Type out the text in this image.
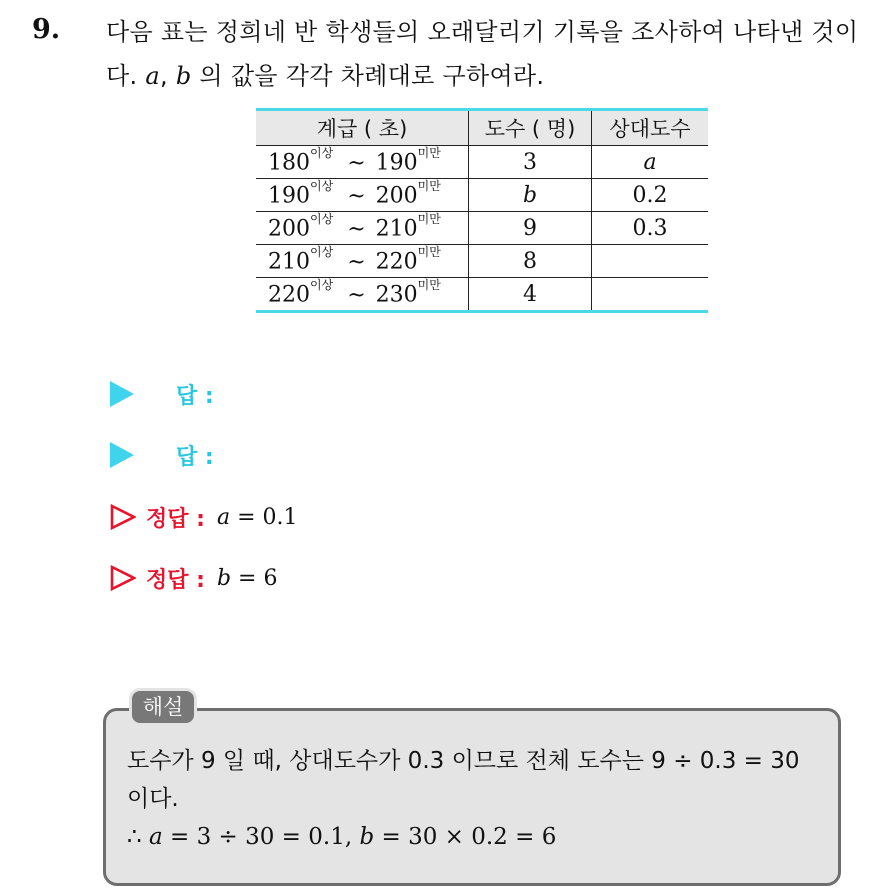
9. 다음 표는 정희네 반 학생들의 오래달리기 기록을 조사하여 나타낸 것이다. a, b 의 값을 각각 차례대로 구하여라.
계급 ( 초)	도수 ( 명)	상대도수
$180^{이상}$ ~ $190^{미만}$	3	a
$190^{이상}$ ~ $200^{미만}$	b	0.2
$200^{이상}$ ~ $210^{미만}$	9	0.3
$210^{이상}$ ~ $220^{미만}$	8	
$220^{이상}$ ~ $230^{미만}$	4	
답 :
답 :
정답 : a = 0.1
정답 : b = 6
해설
도수가 9 일 때, 상대도수가 0.3 이므로 전체 도수는 9 ÷ 0.3 = 30
이다.
∴ a = 3 ÷ 30 = 0.1, b = 30 × 0.2 = 6
